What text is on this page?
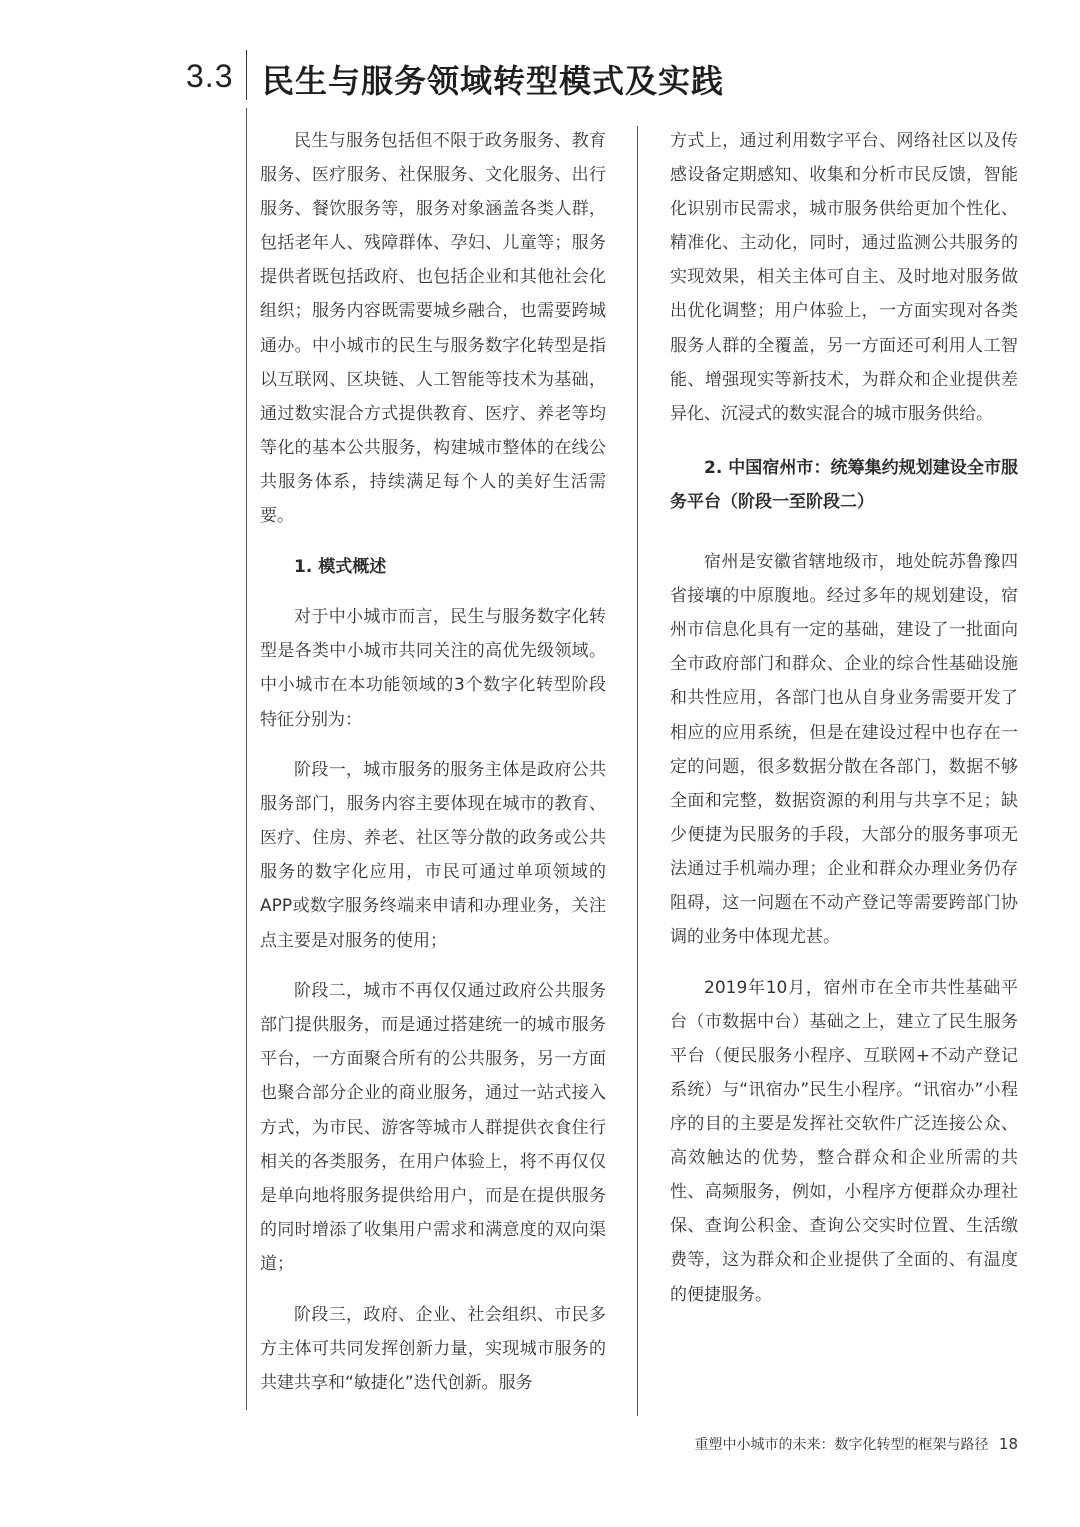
3.3 民生与服务领域转型模式及实践

民生与服务包括但不限于政务服务、教育服务、医疗服务、社保服务、文化服务、出行服务、餐饮服务等，服务对象涵盖各类人群，包括老年人、残障群体、孕妇、儿童等；服务提供者既包括政府、也包括企业和其他社会化组织；服务内容既需要城乡融合，也需要跨城通办。中小城市的民生与服务数字化转型是指以互联网、区块链、人工智能等技术为基础，通过数实混合方式提供教育、医疗、养老等均等化的基本公共服务，构建城市整体的在线公共服务体系，持续满足每个人的美好生活需要。

1. 模式概述

对于中小城市而言，民生与服务数字化转型是各类中小城市共同关注的高优先级领域。中小城市在本功能领域的3个数字化转型阶段特征分别为：

阶段一，城市服务的服务主体是政府公共服务部门，服务内容主要体现在城市的教育、医疗、住房、养老、社区等分散的政务或公共服务的数字化应用，市民可通过单项领域的APP或数字服务终端来申请和办理业务，关注点主要是对服务的使用；

阶段二，城市不再仅仅通过政府公共服务部门提供服务，而是通过搭建统一的城市服务平台，一方面聚合所有的公共服务，另一方面也聚合部分企业的商业服务，通过一站式接入方式，为市民、游客等城市人群提供衣食住行相关的各类服务，在用户体验上，将不再仅仅是单向地将服务提供给用户，而是在提供服务的同时增添了收集用户需求和满意度的双向渠道；

阶段三，政府、企业、社会组织、市民多方主体可共同发挥创新力量，实现城市服务的共建共享和“敏捷化”迭代创新。服务

方式上，通过利用数字平台、网络社区以及传感设备定期感知、收集和分析市民反馈，智能化识别市民需求，城市服务供给更加个性化、精准化、主动化，同时，通过监测公共服务的实现效果，相关主体可自主、及时地对服务做出优化调整；用户体验上，一方面实现对各类服务人群的全覆盖，另一方面还可利用人工智能、增强现实等新技术，为群众和企业提供差异化、沉浸式的数实混合的城市服务供给。

2. 中国宿州市：统筹集约规划建设全市服务平台（阶段一至阶段二）

宿州是安徽省辖地级市，地处皖苏鲁豫四省接壤的中原腹地。经过多年的规划建设，宿州市信息化具有一定的基础，建设了一批面向全市政府部门和群众、企业的综合性基础设施和共性应用，各部门也从自身业务需要开发了相应的应用系统，但是在建设过程中也存在一定的问题，很多数据分散在各部门，数据不够全面和完整，数据资源的利用与共享不足；缺少便捷为民服务的手段，大部分的服务事项无法通过手机端办理；企业和群众办理业务仍存阻碍，这一问题在不动产登记等需要跨部门协调的业务中体现尤甚。

2019年10月，宿州市在全市共性基础平台（市数据中台）基础之上，建立了民生服务平台（便民服务小程序、互联网+不动产登记系统）与“讯宿办”民生小程序。“讯宿办”小程序的目的主要是发挥社交软件广泛连接公众、高效触达的优势，整合群众和企业所需的共性、高频服务，例如，小程序方便群众办理社保、查询公积金、查询公交实时位置、生活缴费等，这为群众和企业提供了全面的、有温度的便捷服务。

重塑中小城市的未来：数字化转型的框架与路径 18
